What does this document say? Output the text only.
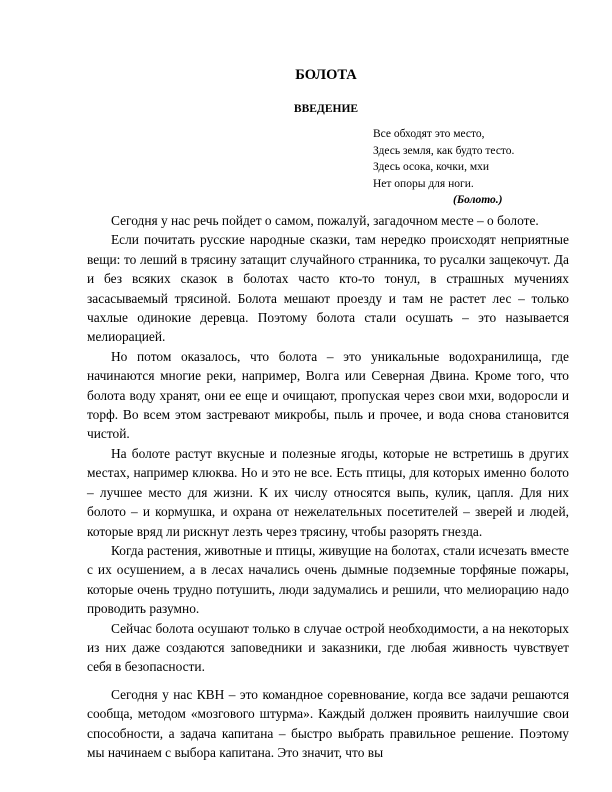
БОЛОТА
ВВЕДЕНИЕ
Все обходят это место,
Здесь земля, как будто тесто.
Здесь осока, кочки, мхи
Нет опоры для ноги.
(Болото.)

Сегодня у нас речь пойдет о самом, пожалуй, загадочном месте – о болоте.

Если почитать русские народные сказки, там нередко происходят неприятные вещи: то леший в трясину затащит случайного странника, то русалки защекочут. Да и без всяких сказок в болотах часто кто-то тонул, в страшных мучениях засасываемый трясиной. Болота мешают проезду и там не растет лес – только чахлые одинокие деревца. Поэтому болота стали осушать – это называется мелиорацией.

Но потом оказалось, что болота – это уникальные водохранилища, где начинаются многие реки, например, Волга или Северная Двина. Кроме того, что болота воду хранят, они ее еще и очищают, пропуская через свои мхи, водоросли и торф. Во всем этом застревают микробы, пыль и прочее, и вода снова становится чистой.

На болоте растут вкусные и полезные ягоды, которые не встретишь в других местах, например клюква. Но и это не все. Есть птицы, для которых именно болото – лучшее место для жизни. К их числу относятся выпь, кулик, цапля. Для них болото – и кормушка, и охрана от нежелательных посетителей – зверей и людей, которые вряд ли рискнут лезть через трясину, чтобы разорять гнезда.

Когда растения, животные и птицы, живущие на болотах, стали исчезать вместе с их осушением, а в лесах начались очень дымные подземные торфяные пожары, которые очень трудно потушить, люди задумались и решили, что мелиорацию надо проводить разумно.

Сейчас болота осушают только в случае острой необходимости, а на некоторых из них даже создаются заповедники и заказники, где любая живность чувствует себя в безопасности.

Сегодня у нас КВН – это командное соревнование, когда все задачи решаются сообща, методом «мозгового штурма». Каждый должен проявить наилучшие свои способности, а задача капитана – быстро выбрать правильное решение. Поэтому мы начинаем с выбора капитана. Это значит, что вы
